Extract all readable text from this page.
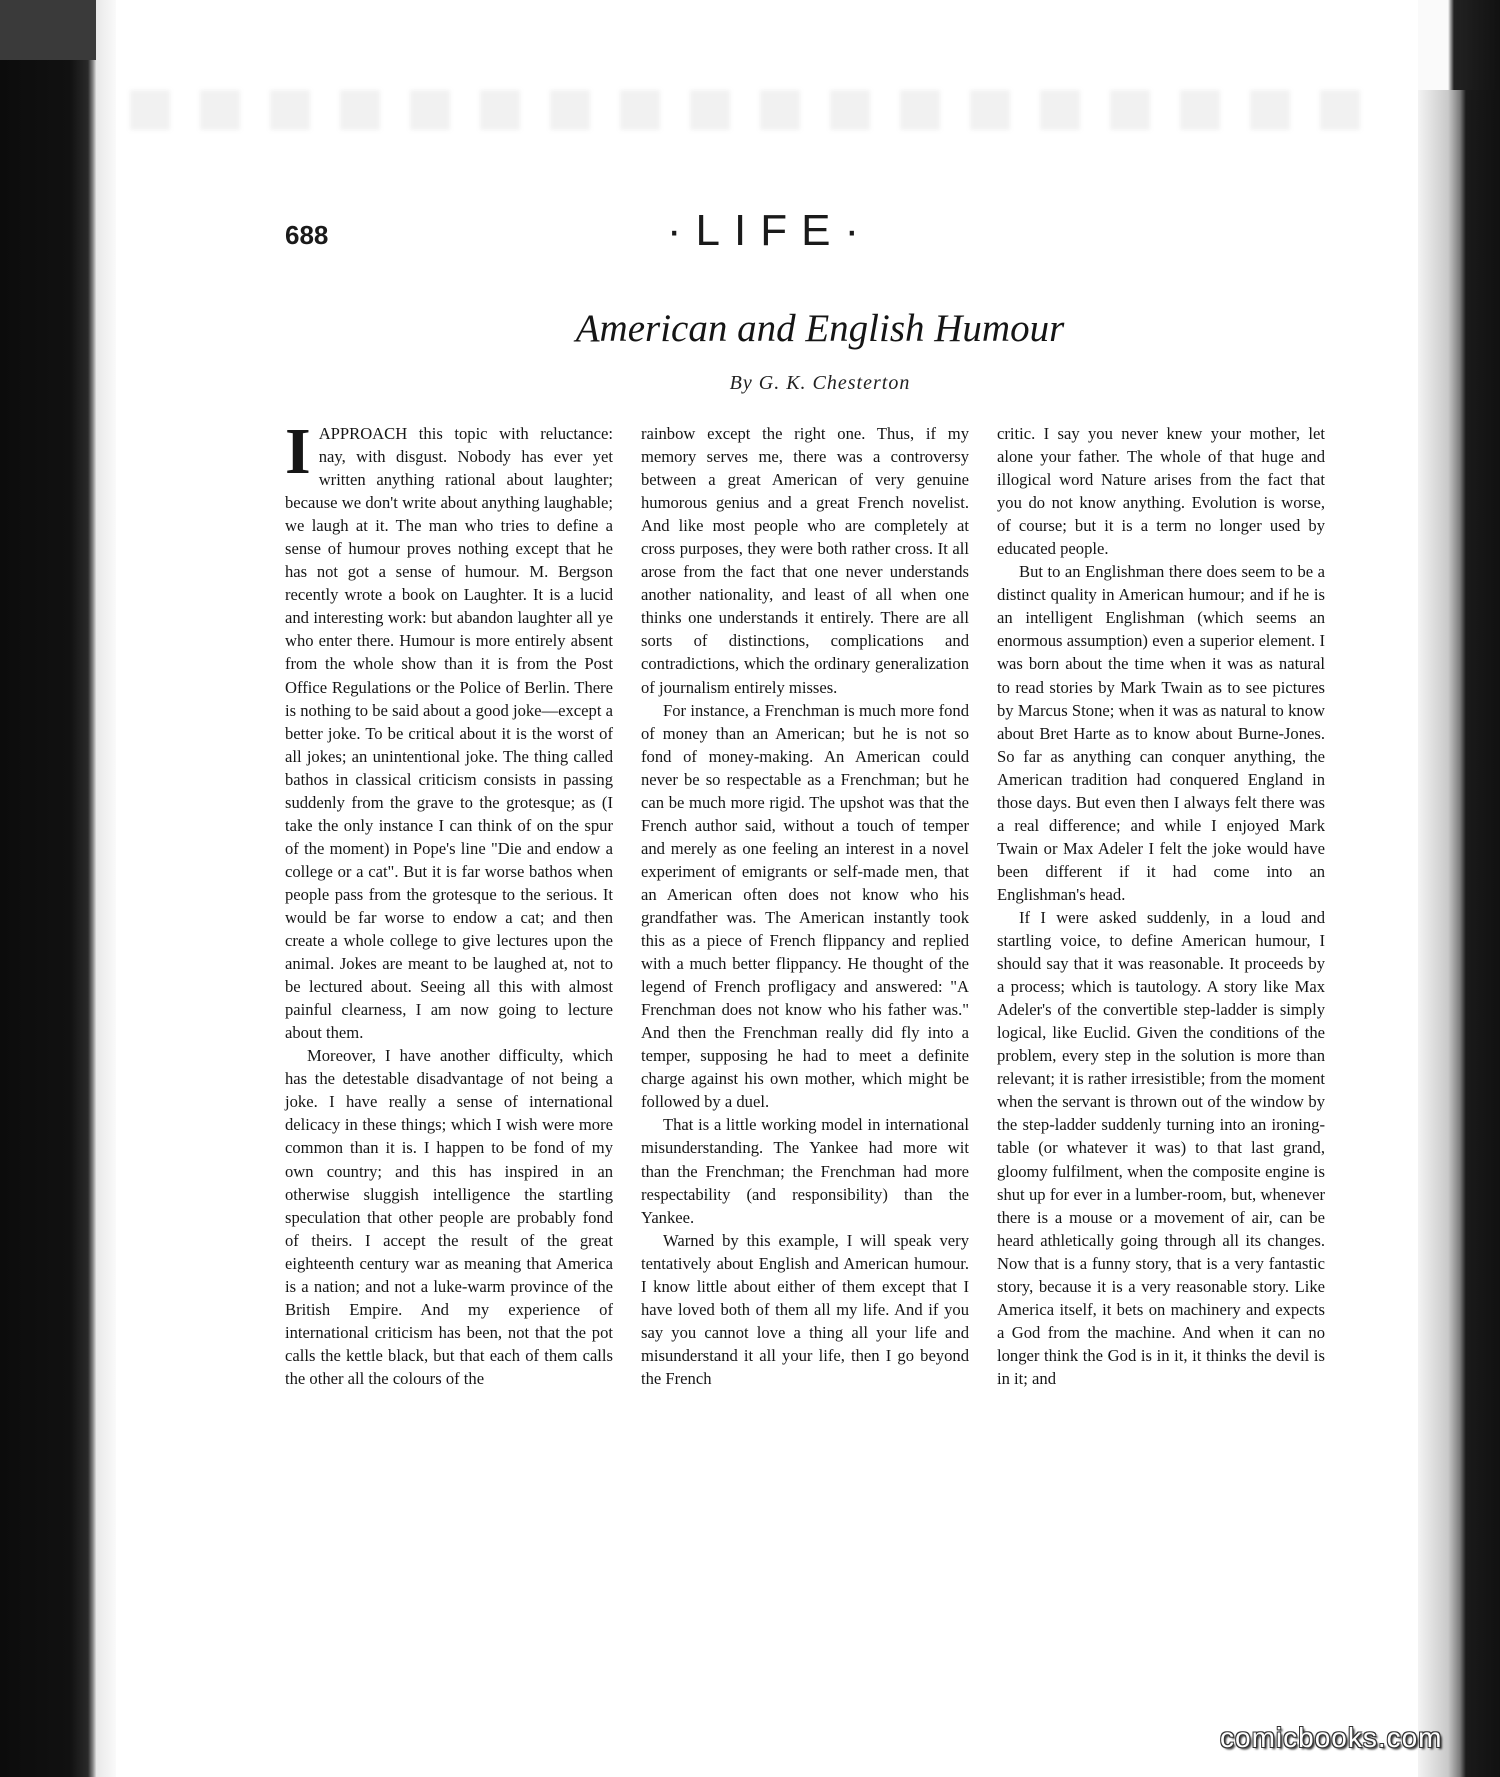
688	·LIFE·
American and English Humour
By G. K. Chesterton

IAPPROACH this topic with reluctance: nay, with disgust. Nobody has ever yet written anything rational about laughter; because we don't write about anything laughable; we laugh at it. The man who tries to define a sense of humour proves nothing except that he has not got a sense of humour. M. Bergson recently wrote a book on Laughter. It is a lucid and interesting work: but abandon laughter all ye who enter there. Humour is more entirely absent from the whole show than it is from the Post Office Regulations or the Police of Berlin. There is nothing to be said about a good joke—except a better joke. To be critical about it is the worst of all jokes; an unintentional joke. The thing called bathos in classical criticism consists in passing suddenly from the grave to the grotesque; as (I take the only instance I can think of on the spur of the moment) in Pope's line "Die and endow a college or a cat". But it is far worse bathos when people pass from the grotesque to the serious. It would be far worse to endow a cat; and then create a whole college to give lectures upon the animal. Jokes are meant to be laughed at, not to be lectured about. Seeing all this with almost painful clearness, I am now going to lecture about them.

Moreover, I have another difficulty, which has the detestable disadvantage of not being a joke. I have really a sense of international delicacy in these things; which I wish were more common than it is. I happen to be fond of my own country; and this has inspired in an otherwise sluggish intelligence the startling speculation that other people are probably fond of theirs. I accept the result of the great eighteenth century war as meaning that America is a nation; and not a luke-warm province of the British Empire. And my experience of international criticism has been, not that the pot calls the kettle black, but that each of them calls the other all the colours of the

rainbow except the right one. Thus, if my memory serves me, there was a controversy between a great American of very genuine humorous genius and a great French novelist. And like most people who are completely at cross purposes, they were both rather cross. It all arose from the fact that one never understands another nationality, and least of all when one thinks one understands it entirely. There are all sorts of distinctions, complications and contradictions, which the ordinary generalization of journalism entirely misses.

For instance, a Frenchman is much more fond of money than an American; but he is not so fond of money-making. An American could never be so respectable as a Frenchman; but he can be much more rigid. The upshot was that the French author said, without a touch of temper and merely as one feeling an interest in a novel experiment of emigrants or self-made men, that an American often does not know who his grandfather was. The American instantly took this as a piece of French flippancy and replied with a much better flippancy. He thought of the legend of French profligacy and answered: "A Frenchman does not know who his father was." And then the Frenchman really did fly into a temper, supposing he had to meet a definite charge against his own mother, which might be followed by a duel.

That is a little working model in international misunderstanding. The Yankee had more wit than the Frenchman; the Frenchman had more respectability (and responsibility) than the Yankee.

Warned by this example, I will speak very tentatively about English and American humour. I know little about either of them except that I have loved both of them all my life. And if you say you cannot love a thing all your life and misunderstand it all your life, then I go beyond the French

critic. I say you never knew your mother, let alone your father. The whole of that huge and illogical word Nature arises from the fact that you do not know anything. Evolution is worse, of course; but it is a term no longer used by educated people.

But to an Englishman there does seem to be a distinct quality in American humour; and if he is an intelligent Englishman (which seems an enormous assumption) even a superior element. I was born about the time when it was as natural to read stories by Mark Twain as to see pictures by Marcus Stone; when it was as natural to know about Bret Harte as to know about Burne-Jones. So far as anything can conquer anything, the American tradition had conquered England in those days. But even then I always felt there was a real difference; and while I enjoyed Mark Twain or Max Adeler I felt the joke would have been different if it had come into an Englishman's head.

If I were asked suddenly, in a loud and startling voice, to define American humour, I should say that it was reasonable. It proceeds by a process; which is tautology. A story like Max Adeler's of the convertible step-ladder is simply logical, like Euclid. Given the conditions of the problem, every step in the solution is more than relevant; it is rather irresistible; from the moment when the servant is thrown out of the window by the step-ladder suddenly turning into an ironing-table (or whatever it was) to that last grand, gloomy fulfilment, when the composite engine is shut up for ever in a lumber-room, but, whenever there is a mouse or a movement of air, can be heard athletically going through all its changes. Now that is a funny story, that is a very fantastic story, because it is a very reasonable story. Like America itself, it bets on machinery and expects a God from the machine. And when it can no longer think the God is in it, it thinks the devil is in it; and

comicbooks.com
